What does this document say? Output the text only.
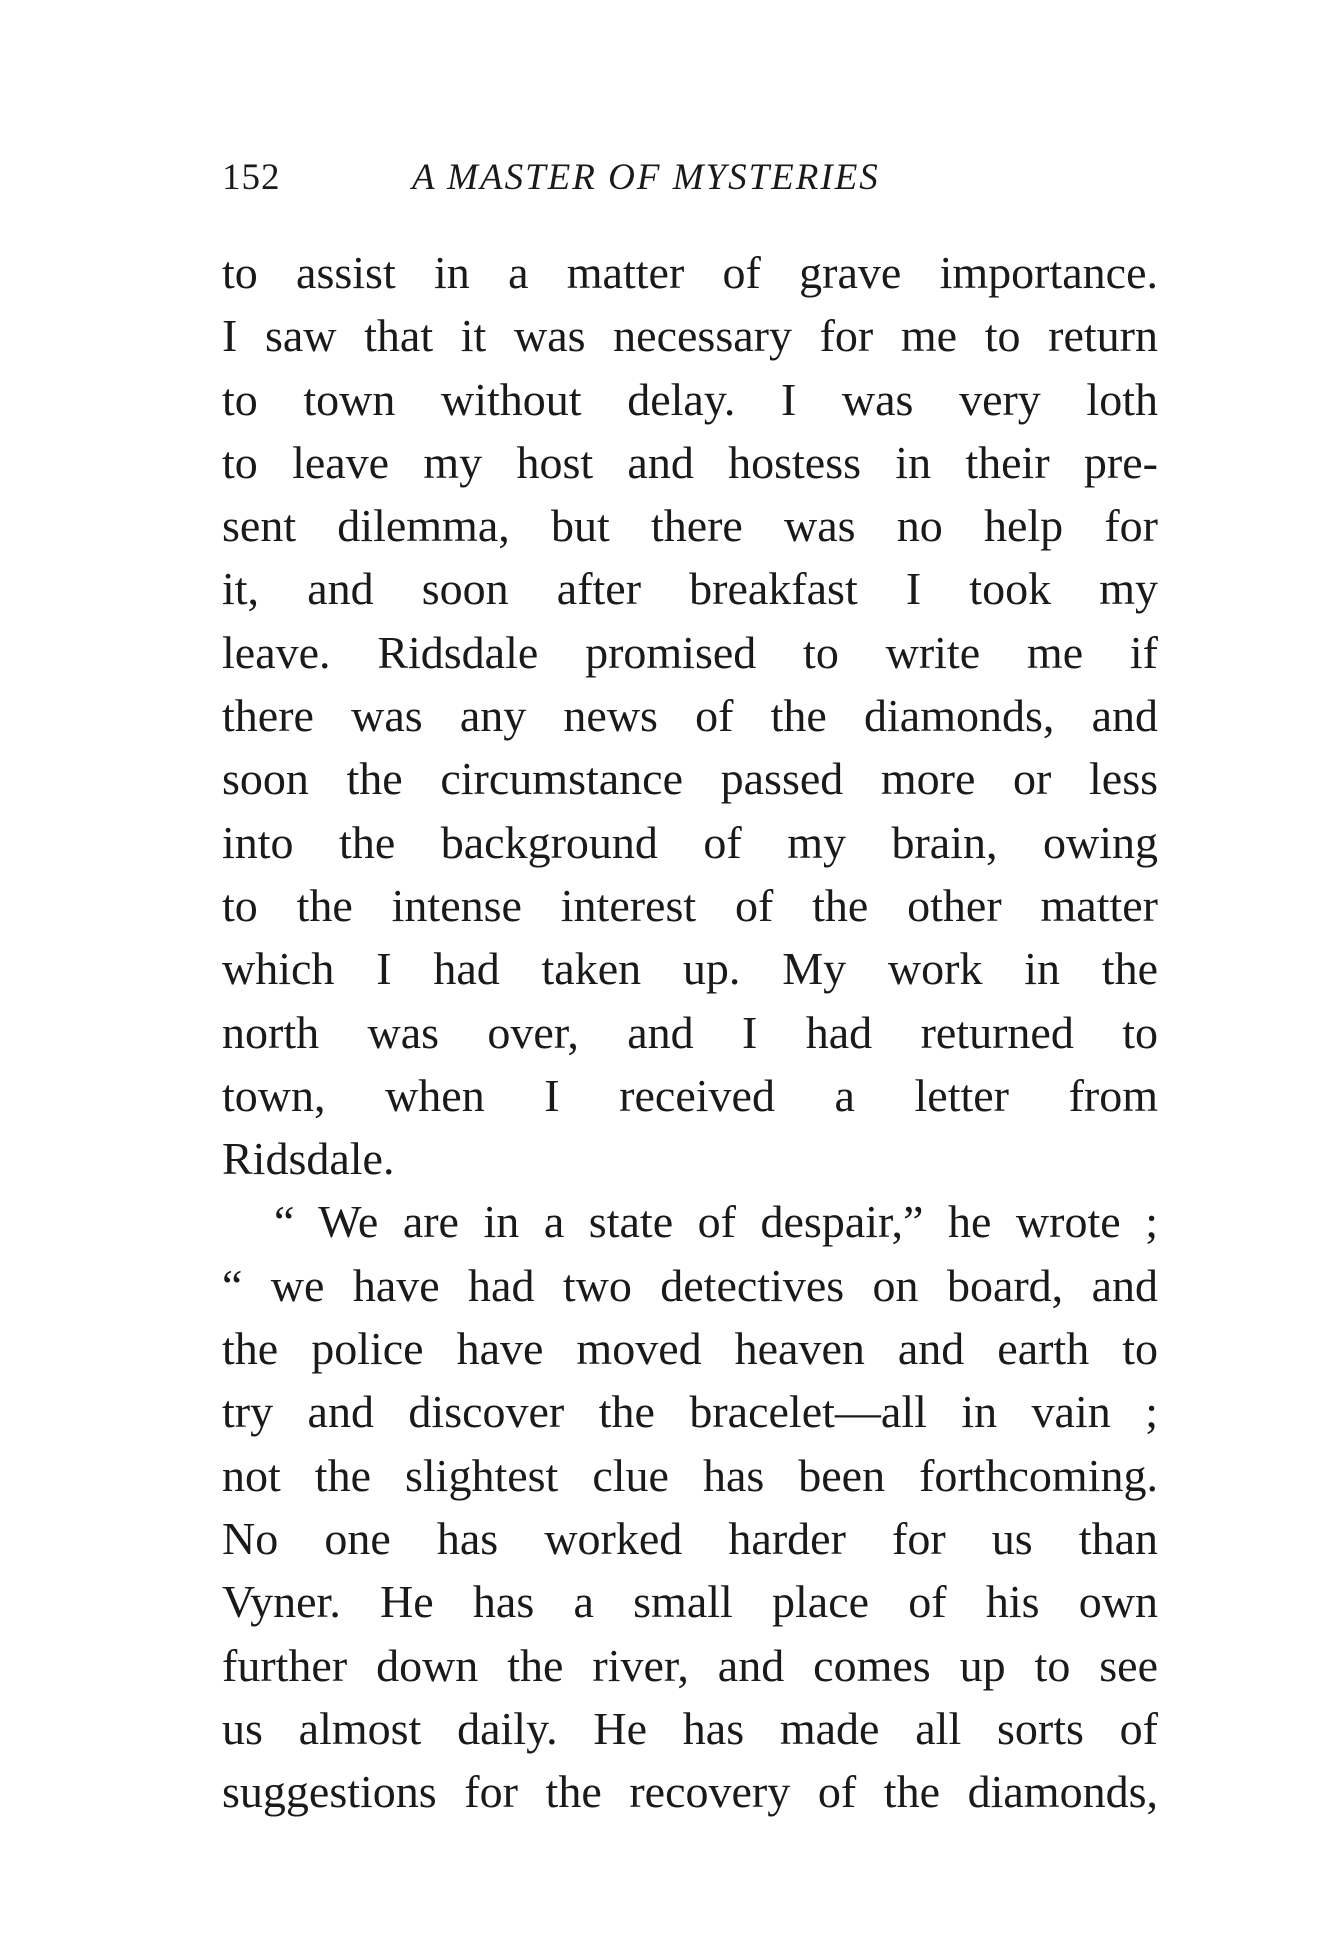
152	A MASTER OF MYSTERIES
to assist in a matter of grave importance.
I saw that it was necessary for me to return
to town without delay. I was very loth
to leave my host and hostess in their pre-
sent dilemma, but there was no help for
it, and soon after breakfast I took my
leave. Ridsdale promised to write me if
there was any news of the diamonds, and
soon the circumstance passed more or less
into the background of my brain, owing
to the intense interest of the other matter
which I had taken up. My work in the
north was over, and I had returned to
town, when I received a letter from
Ridsdale.
“ We are in a state of despair,” he wrote ;
“ we have had two detectives on board, and
the police have moved heaven and earth to
try and discover the bracelet—all in vain ;
not the slightest clue has been forthcoming.
No one has worked harder for us than
Vyner. He has a small place of his own
further down the river, and comes up to see
us almost daily. He has made all sorts of
suggestions for the recovery of the diamonds,
